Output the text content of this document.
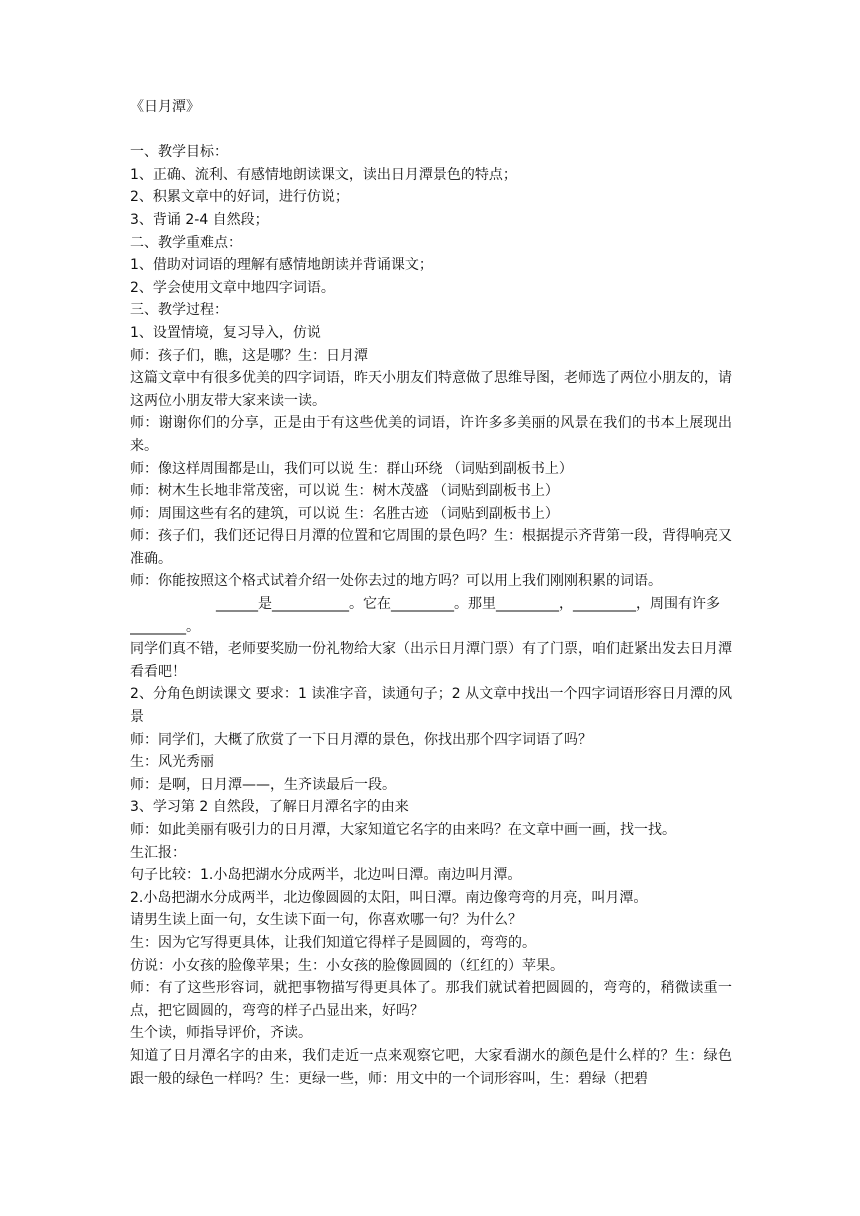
《日月潭》

一、教学目标：

1、正确、流利、有感情地朗读课文，读出日月潭景色的特点；

2、积累文章中的好词，进行仿说；

3、背诵 2-4 自然段；

二、教学重难点：

1、借助对词语的理解有感情地朗读并背诵课文；

2、学会使用文章中地四字词语。

三、教学过程：

1、设置情境，复习导入，仿说

师：孩子们，瞧，这是哪？生：日月潭

这篇文章中有很多优美的四字词语，昨天小朋友们特意做了思维导图，老师选了两位小朋友的，请这两位小朋友带大家来读一读。

师：谢谢你们的分享，正是由于有这些优美的词语，许许多多美丽的风景在我们的书本上展现出来。

师：像这样周围都是山，我们可以说 生：群山环绕 （词贴到副板书上）

师：树木生长地非常茂密，可以说 生：树木茂盛 （词贴到副板书上）

师：周围这些有名的建筑，可以说 生：名胜古迹 （词贴到副板书上）

师：孩子们，我们还记得日月潭的位置和它周围的景色吗？生：根据提示齐背第一段，背得响亮又准确。

师：你能按照这个格式试着介绍一处你去过的地方吗？可以用上我们刚刚积累的词语。

______是___________。它在_________。那里_________，_________，周围有许多

________。

同学们真不错，老师要奖励一份礼物给大家（出示日月潭门票）有了门票，咱们赶紧出发去日月潭看看吧！

2、分角色朗读课文 要求：1 读准字音，读通句子；2 从文章中找出一个四字词语形容日月潭的风景

师：同学们，大概了欣赏了一下日月潭的景色，你找出那个四字词语了吗？

生：风光秀丽

师：是啊，日月潭——，生齐读最后一段。

3、学习第 2 自然段，了解日月潭名字的由来

师：如此美丽有吸引力的日月潭，大家知道它名字的由来吗？在文章中画一画，找一找。

生汇报：

句子比较：1.小岛把湖水分成两半，北边叫日潭。南边叫月潭。

2.小岛把湖水分成两半，北边像圆圆的太阳，叫日潭。南边像弯弯的月亮，叫月潭。

请男生读上面一句，女生读下面一句，你喜欢哪一句？为什么？

生：因为它写得更具体，让我们知道它得样子是圆圆的，弯弯的。

仿说：小女孩的脸像苹果；生：小女孩的脸像圆圆的（红红的）苹果。

师：有了这些形容词，就把事物描写得更具体了。那我们就试着把圆圆的，弯弯的，稍微读重一点，把它圆圆的，弯弯的样子凸显出来，好吗？

生个读，师指导评价，齐读。

知道了日月潭名字的由来，我们走近一点来观察它吧，大家看湖水的颜色是什么样的？生：绿色 跟一般的绿色一样吗？生：更绿一些，师：用文中的一个词形容叫，生：碧绿（把碧
